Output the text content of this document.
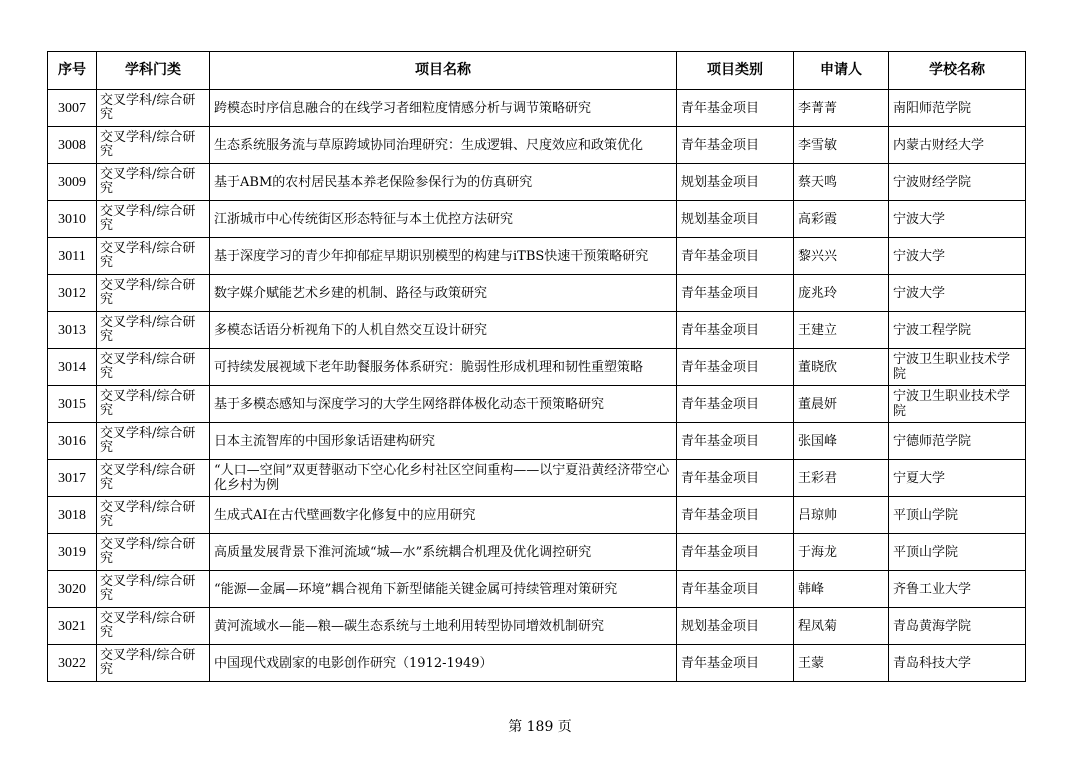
序号	学科门类	项目名称	项目类别	申请人	学校名称
3007	交叉学科/综合研究	跨模态时序信息融合的在线学习者细粒度情感分析与调节策略研究	青年基金项目	李菁菁	南阳师范学院
3008	交叉学科/综合研究	生态系统服务流与草原跨域协同治理研究：生成逻辑、尺度效应和政策优化	青年基金项目	李雪敏	内蒙古财经大学
3009	交叉学科/综合研究	基于ABM的农村居民基本养老保险参保行为的仿真研究	规划基金项目	蔡天鸣	宁波财经学院
3010	交叉学科/综合研究	江浙城市中心传统街区形态特征与本土优控方法研究	规划基金项目	高彩霞	宁波大学
3011	交叉学科/综合研究	基于深度学习的青少年抑郁症早期识别模型的构建与iTBS快速干预策略研究	青年基金项目	黎兴兴	宁波大学
3012	交叉学科/综合研究	数字媒介赋能艺术乡建的机制、路径与政策研究	青年基金项目	庞兆玲	宁波大学
3013	交叉学科/综合研究	多模态话语分析视角下的人机自然交互设计研究	青年基金项目	王建立	宁波工程学院
3014	交叉学科/综合研究	可持续发展视域下老年助餐服务体系研究：脆弱性形成机理和韧性重塑策略	青年基金项目	董晓欣	宁波卫生职业技术学院
3015	交叉学科/综合研究	基于多模态感知与深度学习的大学生网络群体极化动态干预策略研究	青年基金项目	董晨妍	宁波卫生职业技术学院
3016	交叉学科/综合研究	日本主流智库的中国形象话语建构研究	青年基金项目	张国峰	宁德师范学院
3017	交叉学科/综合研究	“人口—空间”双更替驱动下空心化乡村社区空间重构——以宁夏沿黄经济带空心化乡村为例	青年基金项目	王彩君	宁夏大学
3018	交叉学科/综合研究	生成式AI在古代壁画数字化修复中的应用研究	青年基金项目	吕琼帅	平顶山学院
3019	交叉学科/综合研究	高质量发展背景下淮河流域“城—水”系统耦合机理及优化调控研究	青年基金项目	于海龙	平顶山学院
3020	交叉学科/综合研究	“能源—金属—环境”耦合视角下新型储能关键金属可持续管理对策研究	青年基金项目	韩峰	齐鲁工业大学
3021	交叉学科/综合研究	黄河流域水—能—粮—碳生态系统与土地利用转型协同增效机制研究	规划基金项目	程凤菊	青岛黄海学院
3022	交叉学科/综合研究	中国现代戏剧家的电影创作研究（1912-1949）	青年基金项目	王蒙	青岛科技大学
第 189 页
